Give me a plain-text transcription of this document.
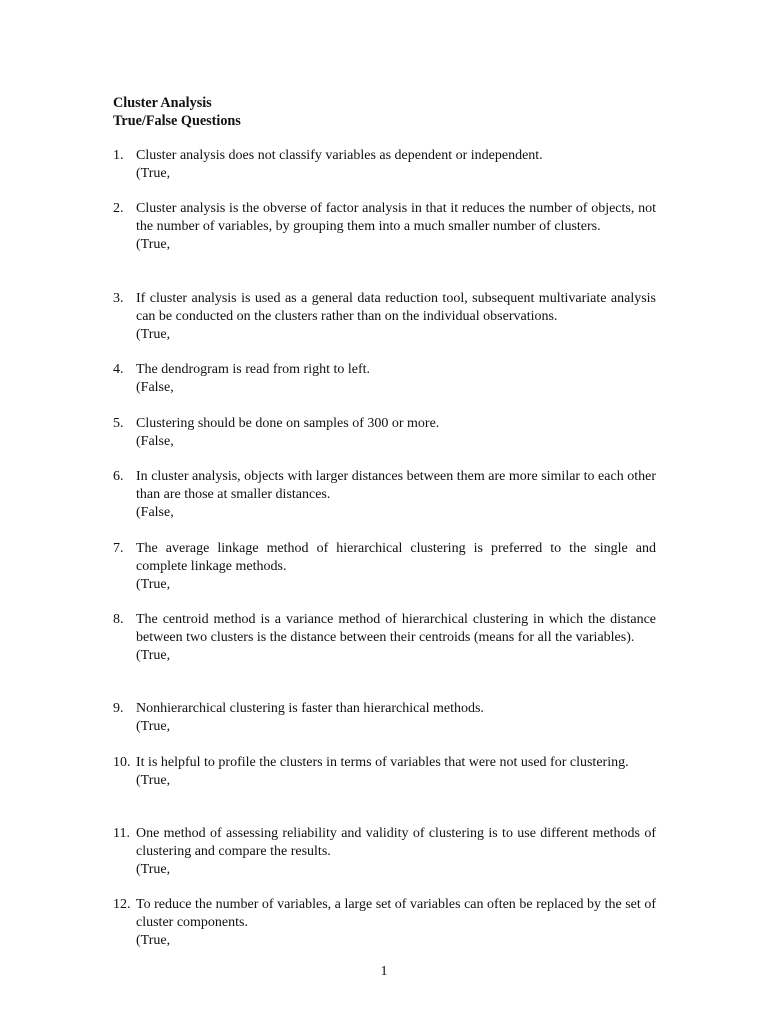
Cluster Analysis
True/False Questions
1. Cluster analysis does not classify variables as dependent or independent.
(True,
2. Cluster analysis is the obverse of factor analysis in that it reduces the number of objects, not the number of variables, by grouping them into a much smaller number of clusters.
(True,
3. If cluster analysis is used as a general data reduction tool, subsequent multivariate analysis can be conducted on the clusters rather than on the individual observations.
(True,
4. The dendrogram is read from right to left.
(False,
5. Clustering should be done on samples of 300 or more.
(False,
6. In cluster analysis, objects with larger distances between them are more similar to each other than are those at smaller distances.
(False,
7. The average linkage method of hierarchical clustering is preferred to the single and complete linkage methods.
(True,
8. The centroid method is a variance method of hierarchical clustering in which the distance between two clusters is the distance between their centroids (means for all the variables).
(True,
9. Nonhierarchical clustering is faster than hierarchical methods.
(True,
10. It is helpful to profile the clusters in terms of variables that were not used for clustering.
(True,
11. One method of assessing reliability and validity of clustering is to use different methods of clustering and compare the results.
(True,
12. To reduce the number of variables, a large set of variables can often be replaced by the set of cluster components.
(True,
1
